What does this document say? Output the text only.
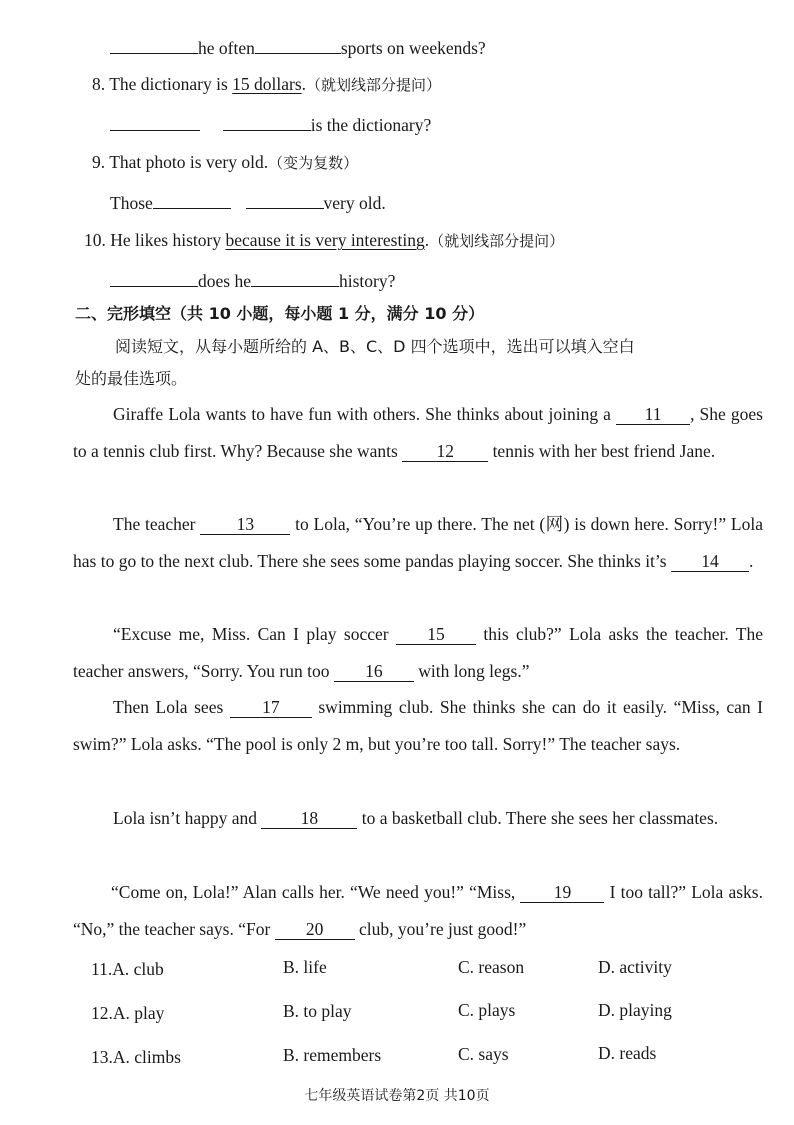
he often	sports on weekends?
8. The dictionary is 15 dollars.（就划线部分提问）
is the dictionary?
9. That photo is very old.（变为复数）
Those	very old.
10. He likes history because it is very interesting.（就划线部分提问）
does he	history?
二、完形填空（共 10 小题，每小题 1 分，满分 10 分）
阅读短文，从每小题所给的 A、B、C、D 四个选项中，选出可以填入空白
处的最佳选项。
Giraffe Lola wants to have fun with others. She thinks about joining a 11 , She goes to a tennis club first. Why? Because she wants 12 tennis with her best friend Jane.
The teacher 13 to Lola, “You’re up there. The net (网) is down here. Sorry!” Lola has to go to the next club. There she sees some pandas playing soccer. She thinks it’s 14 .
“Excuse me, Miss. Can I play soccer 15 this club?” Lola asks the teacher. The teacher answers, “Sorry. You run too 16 with long legs.”
Then Lola sees 17 swimming club. She thinks she can do it easily. “Miss, can I swim?” Lola asks. “The pool is only 2 m, but you’re too tall. Sorry!” The teacher says.
Lola isn’t happy and 18 to a basketball club. There she sees her classmates.
“Come on, Lola!” Alan calls her. “We need you!” “Miss, 19 I too tall?” Lola asks. “No,” the teacher says. “For 20 club, you’re just good!”
11.A. club	B. life	C. reason	D. activity
12.A. play	B. to play	C. plays	D. playing
13.A. climbs	B. remembers	C. says	D. reads
七年级英语试卷第2页 共10页
